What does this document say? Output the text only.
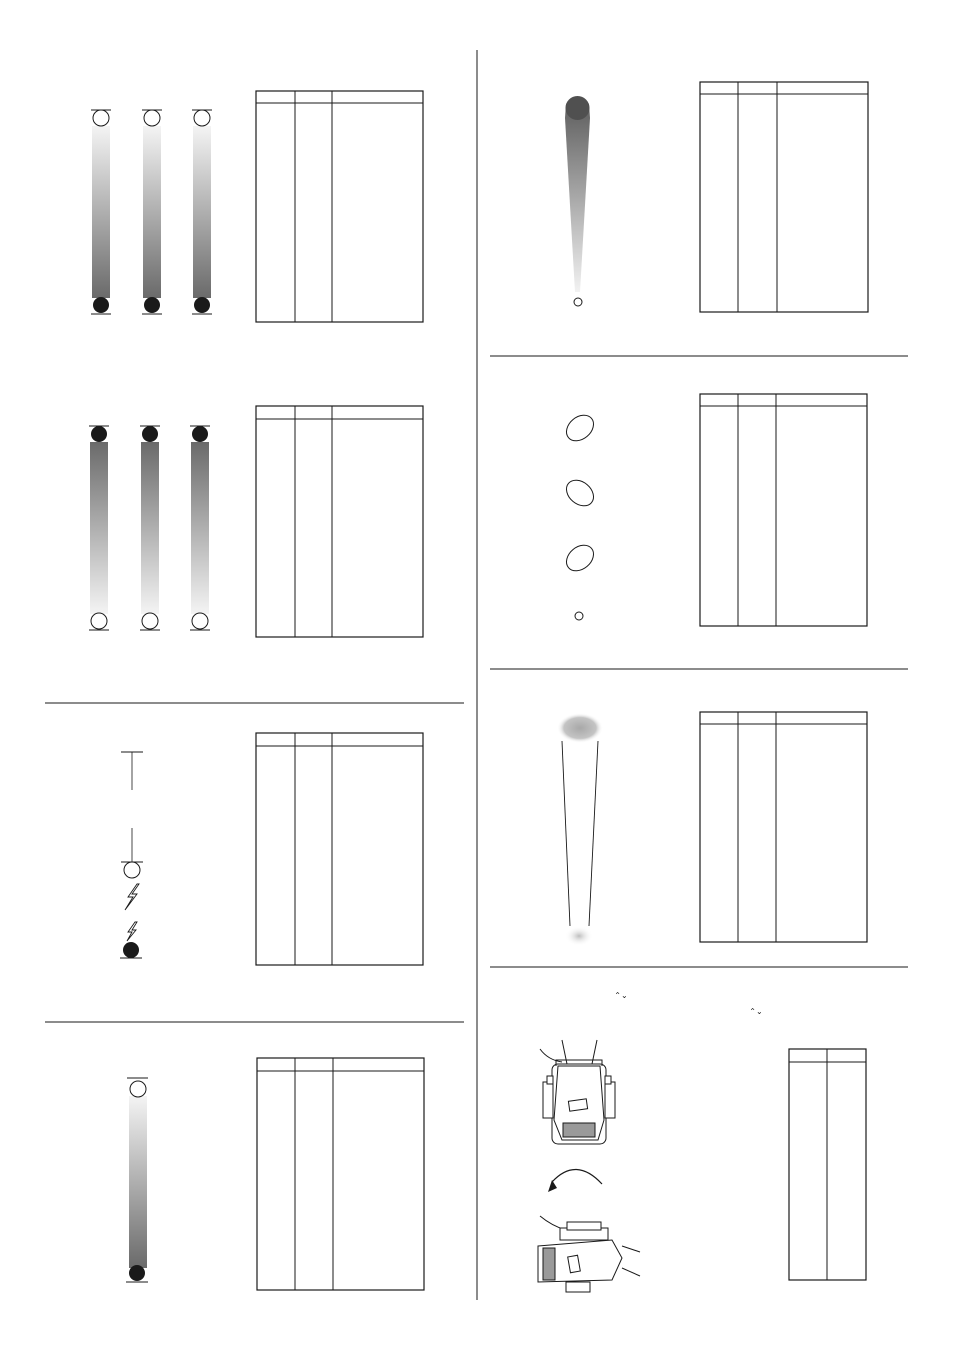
⌃⌄
⌃⌄
